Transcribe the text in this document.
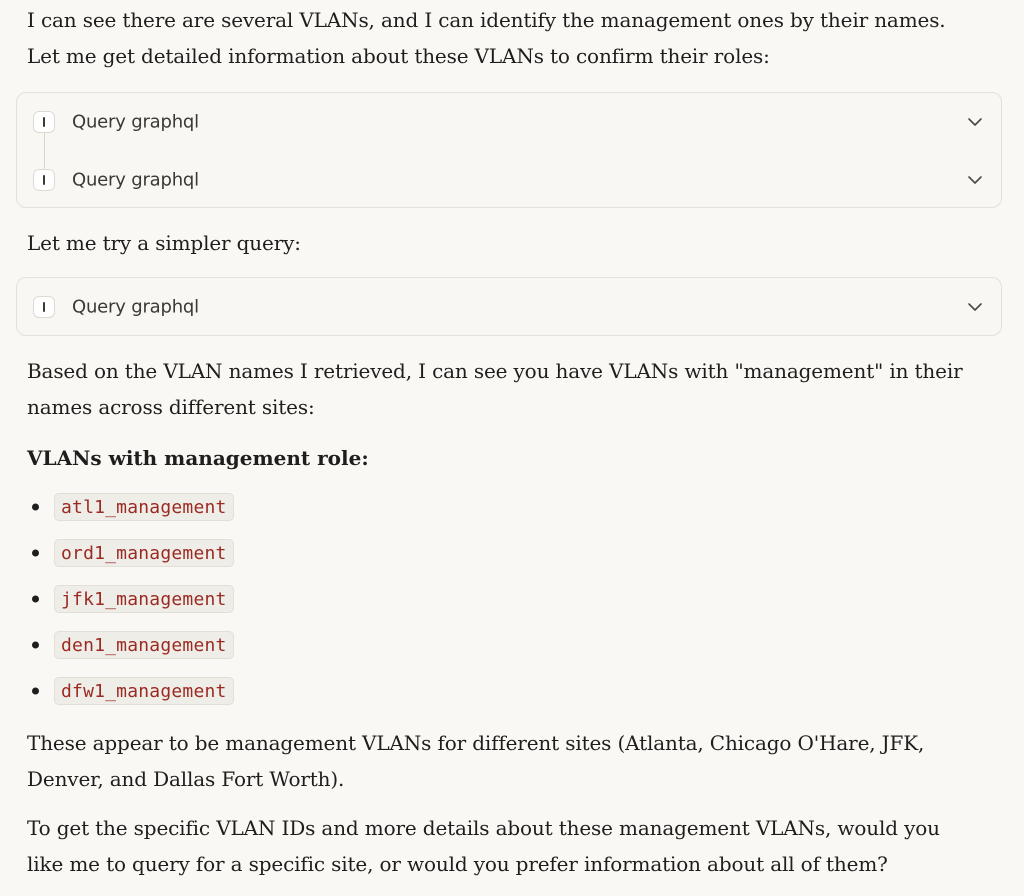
I can see there are several VLANs, and I can identify the management ones by their names.
Let me get detailed information about these VLANs to confirm their roles:

Query graphql
Query graphql

Let me try a simpler query:

Query graphql

Based on the VLAN names I retrieved, I can see you have VLANs with "management" in their
names across different sites:

VLANs with management role:

atl1_management
ord1_management
jfk1_management
den1_management
dfw1_management

These appear to be management VLANs for different sites (Atlanta, Chicago O'Hare, JFK,
Denver, and Dallas Fort Worth).

To get the specific VLAN IDs and more details about these management VLANs, would you
like me to query for a specific site, or would you prefer information about all of them?
